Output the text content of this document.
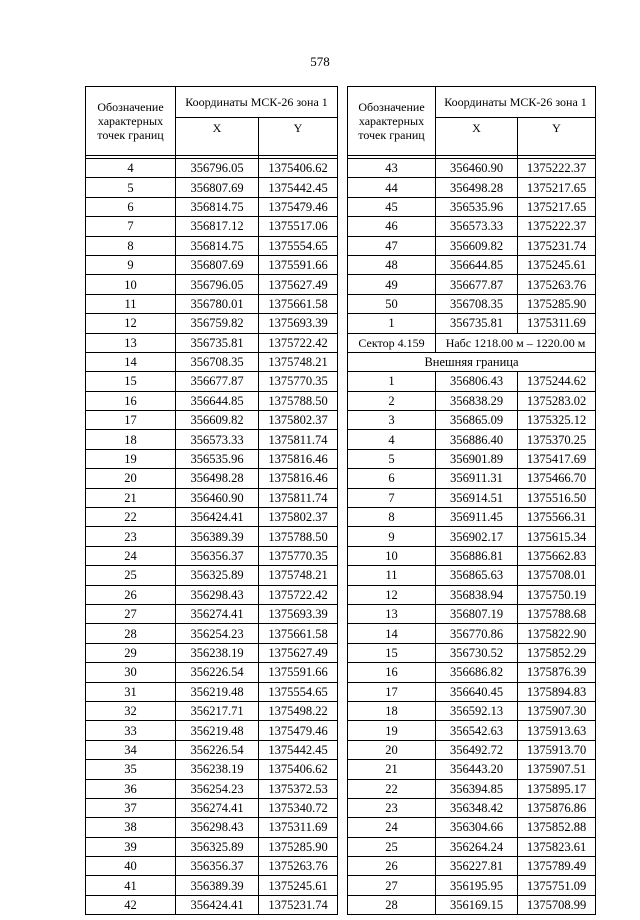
578
Обозначение характерных точек границ	Координаты МСК-26 зона 1	
	X	Y

4	356796.05	1375406.62
5	356807.69	1375442.45
6	356814.75	1375479.46
7	356817.12	1375517.06
8	356814.75	1375554.65
9	356807.69	1375591.66
10	356796.05	1375627.49
11	356780.01	1375661.58
12	356759.82	1375693.39
13	356735.81	1375722.42
14	356708.35	1375748.21
15	356677.87	1375770.35
16	356644.85	1375788.50
17	356609.82	1375802.37
18	356573.33	1375811.74
19	356535.96	1375816.46
20	356498.28	1375816.46
21	356460.90	1375811.74
22	356424.41	1375802.37
23	356389.39	1375788.50
24	356356.37	1375770.35
25	356325.89	1375748.21
26	356298.43	1375722.42
27	356274.41	1375693.39
28	356254.23	1375661.58
29	356238.19	1375627.49
30	356226.54	1375591.66
31	356219.48	1375554.65
32	356217.71	1375498.22
33	356219.48	1375479.46
34	356226.54	1375442.45
35	356238.19	1375406.62
36	356254.23	1375372.53
37	356274.41	1375340.72
38	356298.43	1375311.69
39	356325.89	1375285.90
40	356356.37	1375263.76
41	356389.39	1375245.61
42	356424.41	1375231.74
Обозначение характерных точек границ	Координаты МСК-26 зона 1	
	X	Y

43	356460.90	1375222.37
44	356498.28	1375217.65
45	356535.96	1375217.65
46	356573.33	1375222.37
47	356609.82	1375231.74
48	356644.85	1375245.61
49	356677.87	1375263.76
50	356708.35	1375285.90
1	356735.81	1375311.69
Сектор 4.159	Набс 1218.00 м – 1220.00 м	
Внешняя граница		
1	356806.43	1375244.62
2	356838.29	1375283.02
3	356865.09	1375325.12
4	356886.40	1375370.25
5	356901.89	1375417.69
6	356911.31	1375466.70
7	356914.51	1375516.50
8	356911.45	1375566.31
9	356902.17	1375615.34
10	356886.81	1375662.83
11	356865.63	1375708.01
12	356838.94	1375750.19
13	356807.19	1375788.68
14	356770.86	1375822.90
15	356730.52	1375852.29
16	356686.82	1375876.39
17	356640.45	1375894.83
18	356592.13	1375907.30
19	356542.63	1375913.63
20	356492.72	1375913.70
21	356443.20	1375907.51
22	356394.85	1375895.17
23	356348.42	1375876.86
24	356304.66	1375852.88
25	356264.24	1375823.61
26	356227.81	1375789.49
27	356195.95	1375751.09
28	356169.15	1375708.99
